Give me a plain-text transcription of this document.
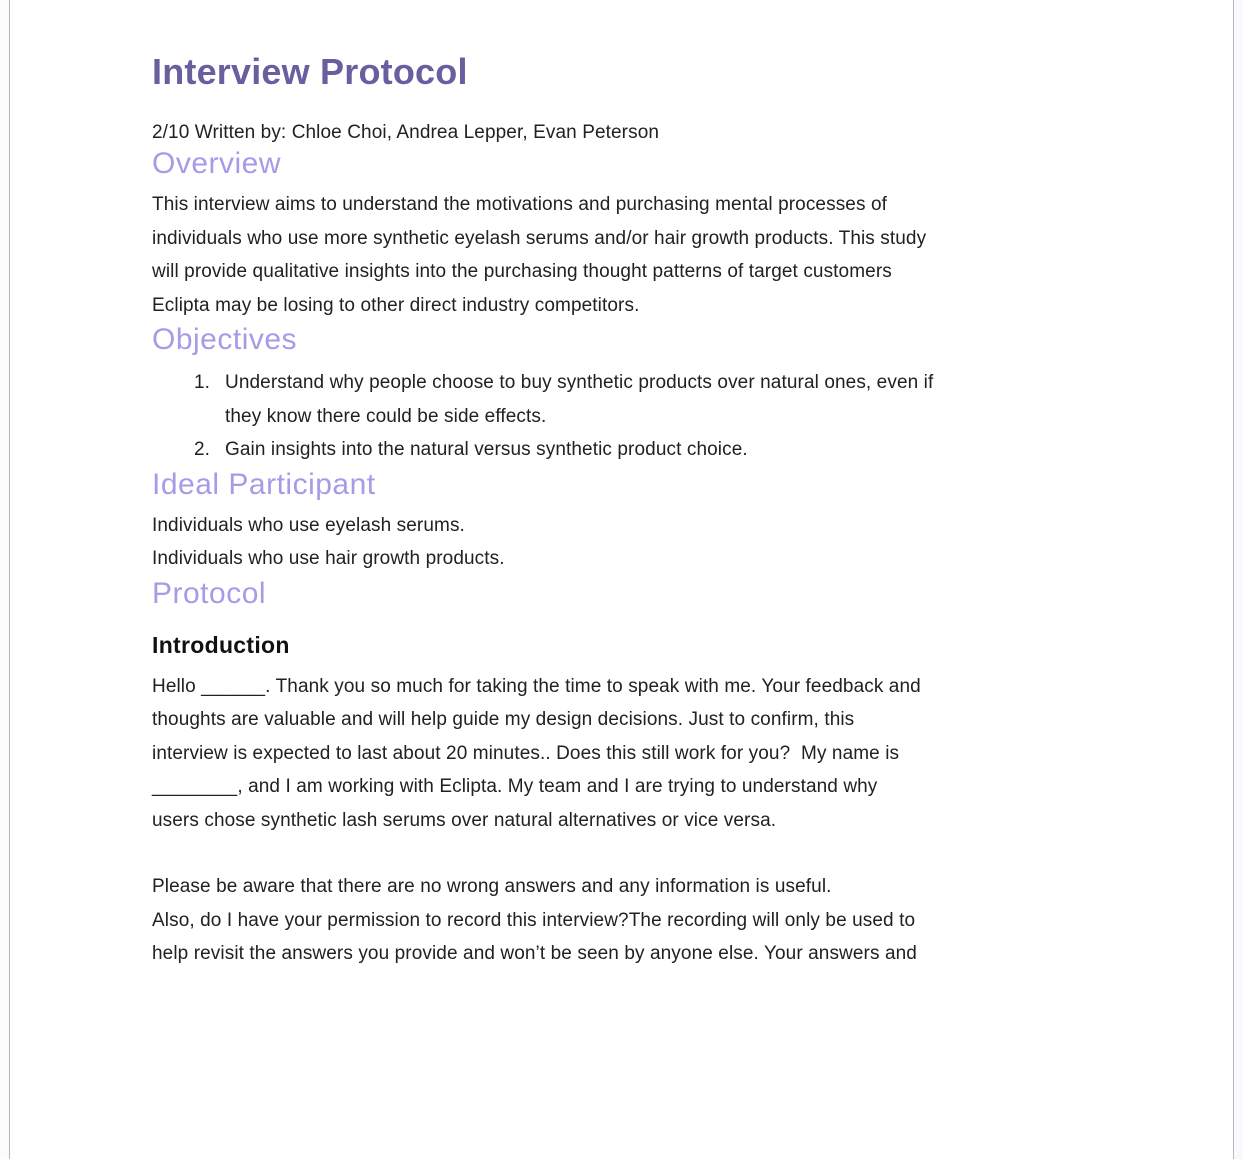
Interview Protocol

2/10 Written by: Chloe Choi, Andrea Lepper, Evan Peterson

Overview
This interview aims to understand the motivations and purchasing mental processes of
individuals who use more synthetic eyelash serums and/or hair growth products. This study
will provide qualitative insights into the purchasing thought patterns of target customers
Eclipta may be losing to other direct industry competitors.
Objectives
1. Understand why people choose to buy synthetic products over natural ones, even if
they know there could be side effects.
2. Gain insights into the natural versus synthetic product choice.
Ideal Participant
Individuals who use eyelash serums.
Individuals who use hair growth products.
Protocol
Introduction
Hello ______. Thank you so much for taking the time to speak with me. Your feedback and
thoughts are valuable and will help guide my design decisions. Just to confirm, this
interview is expected to last about 20 minutes.. Does this still work for you?  My name is
________, and I am working with Eclipta. My team and I are trying to understand why
users chose synthetic lash serums over natural alternatives or vice versa.
Please be aware that there are no wrong answers and any information is useful.
Also, do I have your permission to record this interview?The recording will only be used to
help revisit the answers you provide and won’t be seen by anyone else. Your answers and
